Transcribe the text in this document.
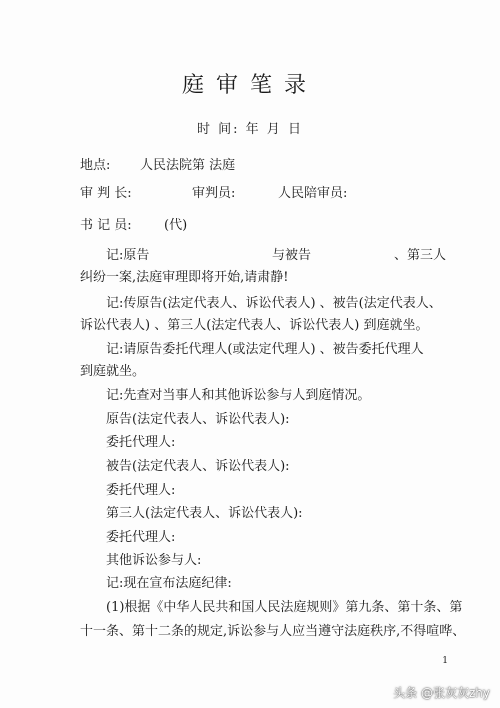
庭审笔录
时 间: 年 月 日
地点: 人民法院第 法庭
审 判 长:	审判员:	人民陪审员:
书 记 员: (代)
记:原告	与被告	、第三人
纠纷一案,法庭审理即将开始,请肃静!
记:传原告(法定代表人、诉讼代表人) 、被告(法定代表人、
诉讼代表人) 、第三人(法定代表人、诉讼代表人) 到庭就坐。
记:请原告委托代理人(或法定代理人) 、被告委托代理人
到庭就坐。
记:先查对当事人和其他诉讼参与人到庭情况。
原告(法定代表人、诉讼代表人):
委托代理人:
被告(法定代表人、诉讼代表人):
委托代理人:
第三人(法定代表人、诉讼代表人):
委托代理人:
其他诉讼参与人:
记:现在宣布法庭纪律:
(1)根据《中华人民共和国人民法庭规则》第九条、第十条、第
十一条、第十二条的规定,诉讼参与人应当遵守法庭秩序,不得喧哗、
1
头条 @张灰灰zhy
